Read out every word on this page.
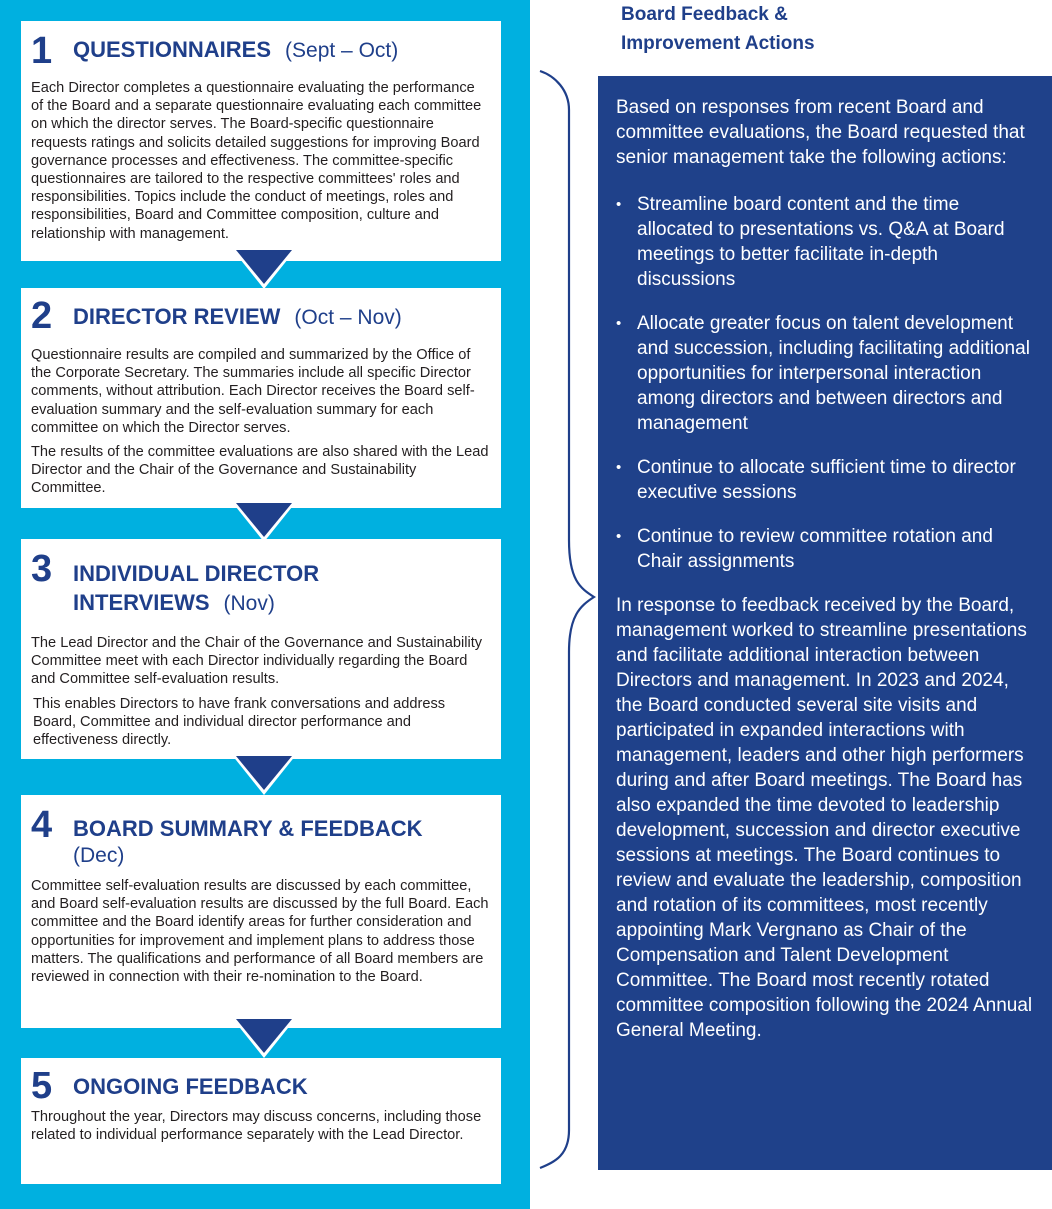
1 QUESTIONNAIRES (Sept – Oct)

Each Director completes a questionnaire evaluating the performance of the Board and a separate questionnaire evaluating each committee on which the director serves. The Board-specific questionnaire requests ratings and solicits detailed suggestions for improving Board governance processes and effectiveness. The committee-specific questionnaires are tailored to the respective committees' roles and responsibilities. Topics include the conduct of meetings, roles and responsibilities, Board and Committee composition, culture and relationship with management.

2 DIRECTOR REVIEW (Oct – Nov)

Questionnaire results are compiled and summarized by the Office of the Corporate Secretary. The summaries include all specific Director comments, without attribution. Each Director receives the Board self-evaluation summary and the self-evaluation summary for each committee on which the Director serves.

The results of the committee evaluations are also shared with the Lead Director and the Chair of the Governance and Sustainability Committee.

3 INDIVIDUAL DIRECTOR
INTERVIEWS (Nov)

The Lead Director and the Chair of the Governance and Sustainability Committee meet with each Director individually regarding the Board and Committee self-evaluation results.

This enables Directors to have frank conversations and address Board, Committee and individual director performance and effectiveness directly.

4 BOARD SUMMARY & FEEDBACK
(Dec)

Committee self-evaluation results are discussed by each committee, and Board self-evaluation results are discussed by the full Board. Each committee and the Board identify areas for further consideration and opportunities for improvement and implement plans to address those matters. The qualifications and performance of all Board members are reviewed in connection with their re-nomination to the Board.

5 ONGOING FEEDBACK

Throughout the year, Directors may discuss concerns, including those related to individual performance separately with the Lead Director.

Board Feedback &
Improvement Actions

Based on responses from recent Board and committee evaluations, the Board requested that senior management take the following actions:

• Streamline board content and the time allocated to presentations vs. Q&A at Board meetings to better facilitate in-depth discussions
• Allocate greater focus on talent development and succession, including facilitating additional opportunities for interpersonal interaction among directors and between directors and management
• Continue to allocate sufficient time to director executive sessions
• Continue to review committee rotation and Chair assignments

In response to feedback received by the Board, management worked to streamline presentations and facilitate additional interaction between Directors and management. In 2023 and 2024, the Board conducted several site visits and participated in expanded interactions with management, leaders and other high performers during and after Board meetings. The Board has also expanded the time devoted to leadership development, succession and director executive sessions at meetings. The Board continues to review and evaluate the leadership, composition and rotation of its committees, most recently appointing Mark Vergnano as Chair of the Compensation and Talent Development Committee. The Board most recently rotated committee composition following the 2024 Annual General Meeting.
